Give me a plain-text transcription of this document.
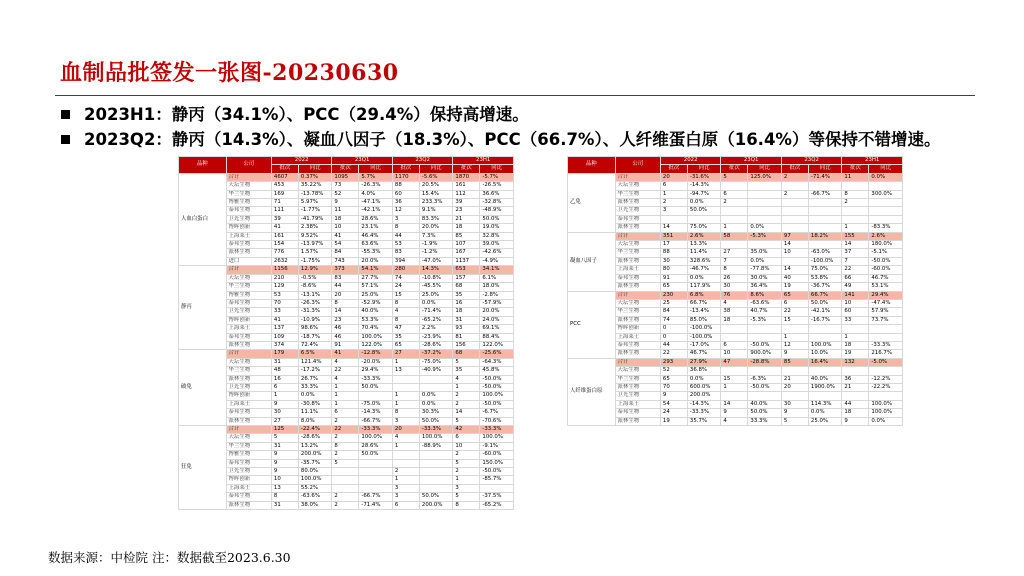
血制品批签发一张图-20230630
2023H1：静丙（34.1%）、PCC（29.4%）保持高增速。
2023Q2：静丙（14.3%）、凝血八因子（18.3%）、PCC（66.7%）、人纤维蛋白原（16.4%）等保持不错增速。
品种	公司	2022		23Q1		23Q2		23H1	
		批次	同比	批次	同比	批次	同比	批次	同比
人血白蛋白	合计	4607	0.37%	1095	5.7%	1170	-5.6%	1870	-5.7%
	天坛生物	453	35.22%	73	-26.3%	88	20.5%	161	-26.5%
	华兰生物	169	-13.78%	52	4.0%	60	15.4%	112	36.6%
	博雅生物	71	5.97%	9	-47.1%	36	233.3%	39	-32.8%
	泰邦生物	111	-1.77%	11	-42.1%	12	9.1%	23	-48.9%
	卫光生物	39	-41.79%	18	28.6%	3	83.3%	21	50.0%
	博晖创新	41	2.38%	10	23.1%	8	20.0%	18	19.0%
	上海莱士	161	9.52%	41	46.4%	44	7.3%	85	32.8%
	泰邦生物	154	-13.97%	54	63.6%	53	-1.9%	107	39.0%
	派林生物	776	1.57%	84	-55.3%	83	-1.2%	167	-42.6%
	进口	2632	-1.75%	743	20.0%	394	-47.0%	1137	-4.9%
静丙	合计	1156	12.9%	373	54.1%	280	14.3%	653	34.1%
	天坛生物	210	-0.5%	83	27.7%	74	-10.8%	157	6.1%
	华兰生物	129	-8.6%	44	57.1%	24	-45.5%	68	18.0%
	博雅生物	53	-13.1%	20	25.0%	15	25.0%	35	-2.8%
	泰邦生物	70	-26.3%	8	-52.9%	8	0.0%	16	-57.9%
	卫光生物	33	-31.3%	14	40.0%	4	-71.4%	18	20.0%
	博晖创新	41	-10.9%	23	53.3%	8	-65.2%	31	24.0%
	上海莱士	137	98.6%	46	70.4%	47	2.2%	93	69.1%
	泰邦生物	109	-18.7%	46	100.0%	35	-23.9%	81	88.4%
	派林生物	374	72.4%	91	122.0%	65	-28.6%	156	122.0%
破免	合计	179	6.5%	41	-12.8%	27	-37.2%	68	-25.6%
	天坛生物	31	121.4%	4	-20.0%	1	-75.0%	5	-64.3%
	华兰生物	48	-17.2%	22	29.4%	13	-40.9%	35	45.8%
	派林生物	16	26.7%	4	-33.3%			4	-50.0%
	卫光生物	6	33.3%	1	50.0%			1	-50.0%
	博晖创新	1	0.0%	1		1	0.0%	2	100.0%
	上海莱士	9	-30.8%	1	-75.0%	1	0.0%	2	-50.0%
	泰邦生物	30	11.1%	6	-14.3%	8	30.3%	14	-6.7%
	派林生物	27	8.0%	2	-66.7%	3	50.0%	5	-70.6%
狂免	合计	125	-22.4%	22	-33.3%	20	-33.3%	42	-33.3%
	天坛生物	5	-28.6%	2	100.0%	4	100.0%	6	100.0%
	华兰生物	31	13.2%	8	28.6%	1	-88.9%	10	-9.1%
	博雅生物	9	200.0%	2	50.0%			2	-60.0%
	泰邦生物	9	-35.7%	5				5	150.0%
	卫光生物	9	80.0%			2		2	-50.0%
	博晖创新	10	100.0%			1		1	-85.7%
	上海莱士	13	55.2%			3		3	
	泰邦生物	8	-63.6%	2	-66.7%	3	50.0%	5	-37.5%
	派林生物	31	38.0%	2	-71.4%	6	200.0%	8	-65.2%
品种	公司	2022		23Q1		23Q2		23H1	
		批次	同比	批次	同比	批次	同比	批次	同比
乙免	合计	20	-31.6%	5	125.0%	2	-71.4%	11	0.0%
	天坛生物	6	-14.3%						
	华兰生物	1	-94.7%	6		2	-66.7%	8	300.0%
	派林生物	2	0.0%	2				2	
	卫光生物	3	50.0%						
	泰邦生物								
	派林生物	14	75.0%	1	0.0%			1	-83.3%
凝血八因子	合计	351	2.6%	58	-5.3%	97	18.2%	155	2.6%
	天坛生物	17	13.3%			14		14	180.0%
	华兰生物	88	11.4%	27	35.0%	10	-63.0%	37	-5.1%
	派林生物	30	328.6%	7	0.0%		-100.0%	7	-50.0%
	上海莱士	80	-46.7%	8	-77.8%	14	75.0%	22	-60.0%
	泰邦生物	91	0.0%	26	30.0%	40	53.8%	66	46.7%
	派林生物	65	117.9%	30	36.4%	19	-36.7%	49	53.1%
PCC	合计	230	6.8%	76	8.6%	65	66.7%	141	29.4%
	天坛生物	25	66.7%	4	-63.6%	6	50.0%	10	-47.4%
	华兰生物	84	-13.4%	38	40.7%	22	-42.1%	60	57.9%
	派林生物	74	85.0%	18	-5.3%	15	-16.7%	33	73.7%
	博晖创新	0	-100.0%						
	上海莱士	0	-100.0%			1		1	
	泰邦生物	44	-17.0%	6	-50.0%	12	100.0%	18	-33.3%
	派林生物	22	46.7%	10	900.0%	9	10.0%	19	216.7%
人纤维蛋白原	合计	293	27.9%	47	-28.8%	85	16.4%	132	-5.0%
	天坛生物	52	36.8%						
	华兰生物	65	0.0%	15	-6.3%	21	40.0%	36	-12.2%
	派林生物	70	600.0%	1	-50.0%	20	1900.0%	21	-22.2%
	卫光生物	9	200.0%						
	上海莱士	54	-14.3%	14	40.0%	30	114.3%	44	100.0%
	泰邦生物	24	-33.3%	9	50.0%	9	0.0%	18	100.0%
	派林生物	19	35.7%	4	33.3%	5	25.0%	9	0.0%
数据来源：中检院 注：数据截至2023.6.30
